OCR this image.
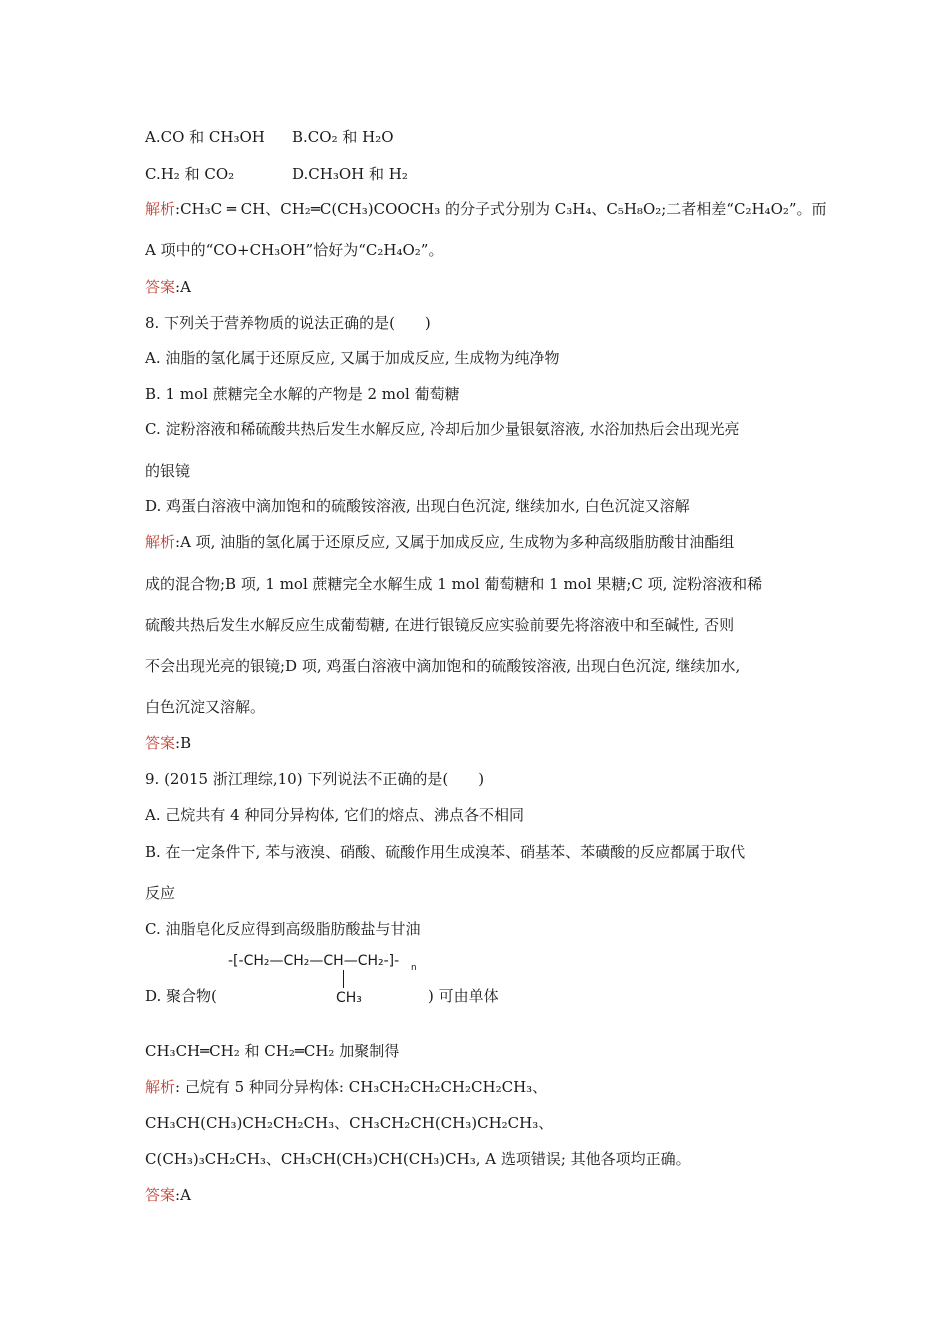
A.CO 和 CH₃OH B.CO₂ 和 H₂O
C.H₂ 和 CO₂	D.CH₃OH 和 H₂
解析:CH₃C ═ CH、CH₂═C(CH₃)COOCH₃ 的分子式分别为 C₃H₄、C₅H₈O₂;二者相差“C₂H₄O₂”。而
A 项中的“CO+CH₃OH”恰好为“C₂H₄O₂”。
答案:A
8. 下列关于营养物质的说法正确的是(　　)
A. 油脂的氢化属于还原反应, 又属于加成反应, 生成物为纯净物
B. 1 mol 蔗糖完全水解的产物是 2 mol 葡萄糖
C. 淀粉溶液和稀硫酸共热后发生水解反应, 冷却后加少量银氨溶液, 水浴加热后会出现光亮
的银镜
D. 鸡蛋白溶液中滴加饱和的硫酸铵溶液, 出现白色沉淀, 继续加水, 白色沉淀又溶解
解析:A 项, 油脂的氢化属于还原反应, 又属于加成反应, 生成物为多种高级脂肪酸甘油酯组
成的混合物;B 项, 1 mol 蔗糖完全水解生成 1 mol 葡萄糖和 1 mol 果糖;C 项, 淀粉溶液和稀
硫酸共热后发生水解反应生成葡萄糖, 在进行银镜反应实验前要先将溶液中和至碱性, 否则
不会出现光亮的银镜;D 项, 鸡蛋白溶液中滴加饱和的硫酸铵溶液, 出现白色沉淀, 继续加水,
白色沉淀又溶解。
答案:B
9. (2015 浙江理综,10) 下列说法不正确的是(　　)
A. 己烷共有 4 种同分异构体, 它们的熔点、沸点各不相同
B. 在一定条件下, 苯与液溴、硝酸、硫酸作用生成溴苯、硝基苯、苯磺酸的反应都属于取代
反应
C. 油脂皂化反应得到高级脂肪酸盐与甘油
-[-CH₂—CH₂—CH—CH₂-]- n
CH₃
D. 聚合物(	) 可由单体
CH₃CH═CH₂ 和 CH₂═CH₂ 加聚制得
解析: 己烷有 5 种同分异构体: CH₃CH₂CH₂CH₂CH₂CH₃、
CH₃CH(CH₃)CH₂CH₂CH₃、CH₃CH₂CH(CH₃)CH₂CH₃、
C(CH₃)₃CH₂CH₃、CH₃CH(CH₃)CH(CH₃)CH₃, A 选项错误; 其他各项均正确。
答案:A
